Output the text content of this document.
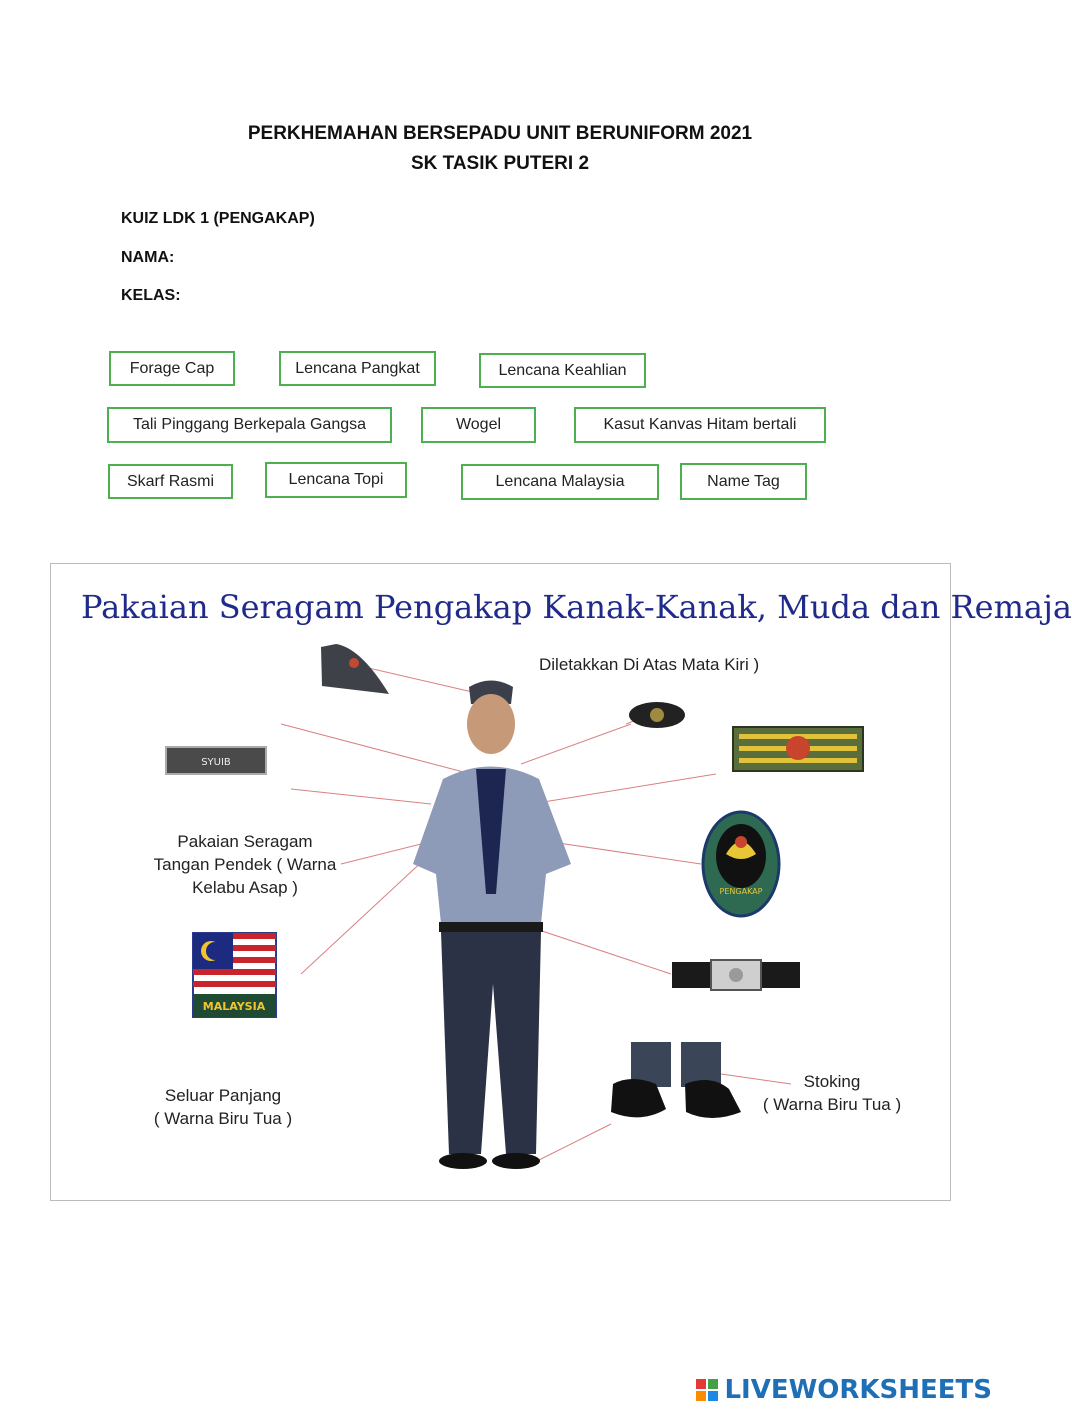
PERKHEMAHAN BERSEPADU UNIT BERUNIFORM 2021
SK TASIK PUTERI 2
KUIZ LDK 1 (PENGAKAP)
NAMA:
KELAS:
Forage Cap	Lencana Pangkat	Lencana Keahlian
Tali Pinggang Berkepala Gangsa	Wogel	Kasut Kanvas Hitam bertali
Skarf Rasmi	Lencana Topi	Lencana Malaysia	Name Tag
Pakaian Seragam Pengakap Kanak-Kanak, Muda dan Remaja
SYUIB
PENGAKAP
MALAYSIA
Diletakkan Di Atas Mata Kiri )
Pakaian Seragam
Tangan Pendek ( Warna
Kelabu Asap )
Seluar Panjang
( Warna Biru Tua )
Stoking
( Warna Biru Tua )
LIVEWORKSHEETS
